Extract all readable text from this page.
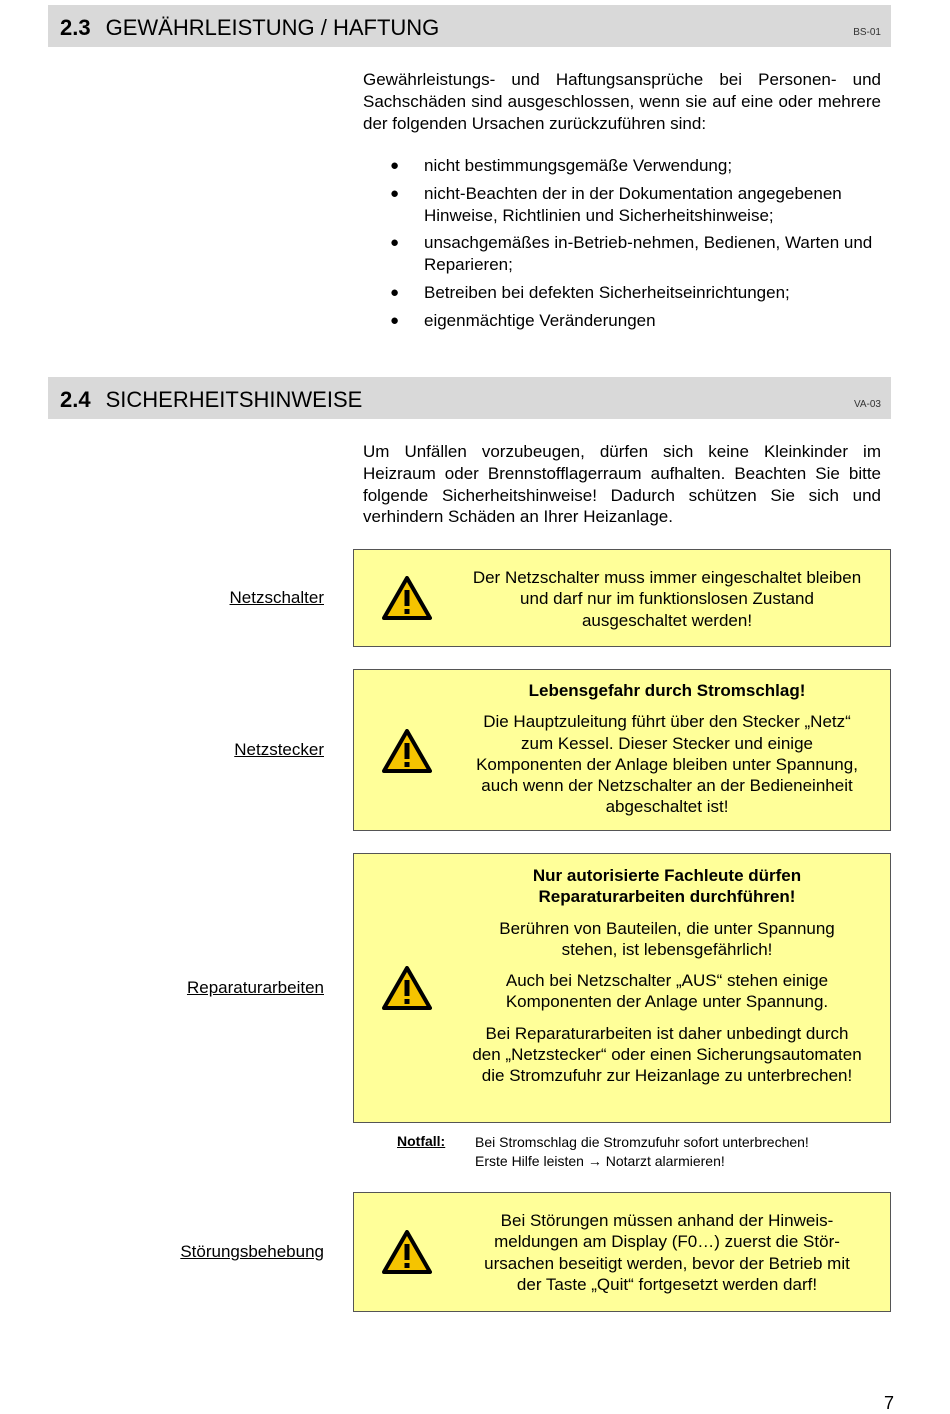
2.3 GEWÄHRLEISTUNG / HAFTUNG	BS-01
Gewährleistungs- und Haftungsansprüche bei Personen- und Sachschäden sind ausgeschlossen, wenn sie auf eine oder mehrere der folgenden Ursachen zurückzuführen sind:
● nicht bestimmungsgemäße Verwendung;
● nicht-Beachten der in der Dokumentation angegebenen Hinweise, Richtlinien und Sicherheitshinweise;
● unsachgemäßes in-Betrieb-nehmen, Bedienen, Warten und Reparieren;
● Betreiben bei defekten Sicherheitseinrichtungen;
● eigenmächtige Veränderungen
2.4 SICHERHEITSHINWEISE	VA-03
Um Unfällen vorzubeugen, dürfen sich keine Kleinkinder im Heizraum oder Brennstofflagerraum aufhalten. Beachten Sie bitte folgende Sicherheitshinweise! Dadurch schützen Sie sich und verhindern Schäden an Ihrer Heizanlage.
Netzschalter

Der Netzschalter muss immer eingeschaltet bleiben und darf nur im funktionslosen Zustand ausgeschaltet werden!

Netzstecker

Lebensgefahr durch Stromschlag!

Die Hauptzuleitung führt über den Stecker „Netz“ zum Kessel. Dieser Stecker und einige Komponenten der Anlage bleiben unter Spannung, auch wenn der Netzschalter an der Bedieneinheit abgeschaltet ist!

Reparaturarbeiten

Nur autorisierte Fachleute dürfen Reparaturarbeiten durchführen!

Berühren von Bauteilen, die unter Spannung stehen, ist lebensgefährlich!

Auch bei Netzschalter „AUS“ stehen einige Komponenten der Anlage unter Spannung.

Bei Reparaturarbeiten ist daher unbedingt durch den „Netzstecker“ oder einen Sicherungsautomaten die Stromzufuhr zur Heizanlage zu unterbrechen!

Notfall: Bei Stromschlag die Stromzufuhr sofort unterbrechen!
Erste Hilfe leisten → Notarzt alarmieren!
Störungsbehebung

Bei Störungen müssen anhand der Hinweis-meldungen am Display (F0…) zuerst die Stör-ursachen beseitigt werden, bevor der Betrieb mit der Taste „Quit“ fortgesetzt werden darf!

7
